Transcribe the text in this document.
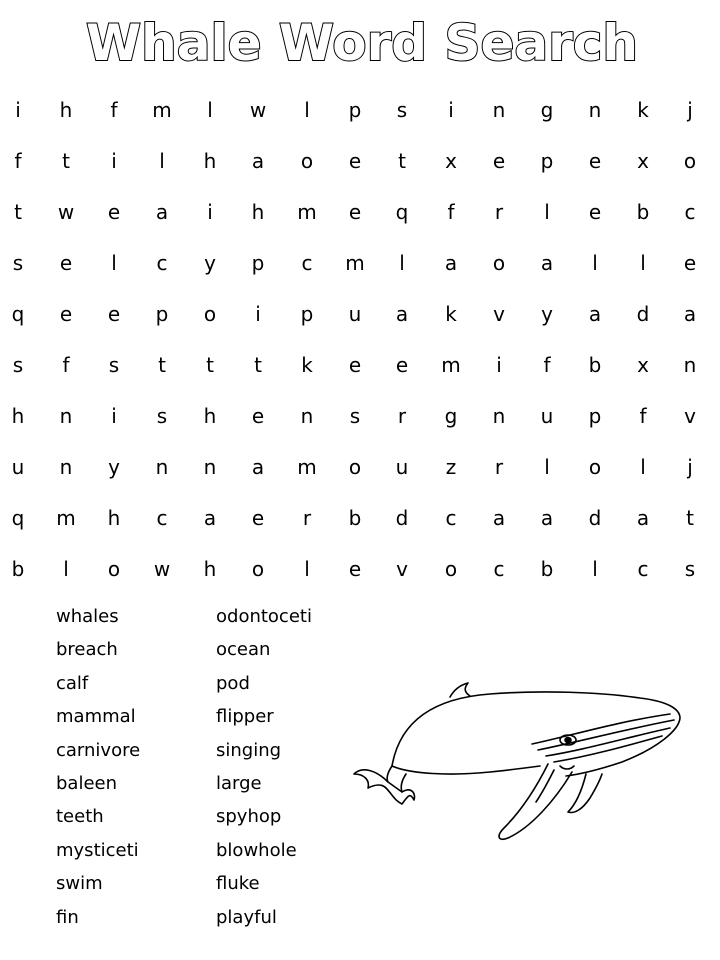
Whale Word Search
i	h	f	m	l	w	l	p	s	i	n	g	n	k	j
f	t	i	l	h	a	o	e	t	x	e	p	e	x	o
t	w	e	a	i	h	m	e	q	f	r	l	e	b	c
s	e	l	c	y	p	c	m	l	a	o	a	l	l	e
q	e	e	p	o	i	p	u	a	k	v	y	a	d	a
s	f	s	t	t	t	k	e	e	m	i	f	b	x	n
h	n	i	s	h	e	n	s	r	g	n	u	p	f	v
u	n	y	n	n	a	m	o	u	z	r	l	o	l	j
q	m	h	c	a	e	r	b	d	c	a	a	d	a	t
b	l	o	w	h	o	l	e	v	o	c	b	l	c	s
whales
breach
calf
mammal
carnivore
baleen
teeth
mysticeti
swim
fin
odontoceti
ocean
pod
flipper
singing
large
spyhop
blowhole
fluke
playful
